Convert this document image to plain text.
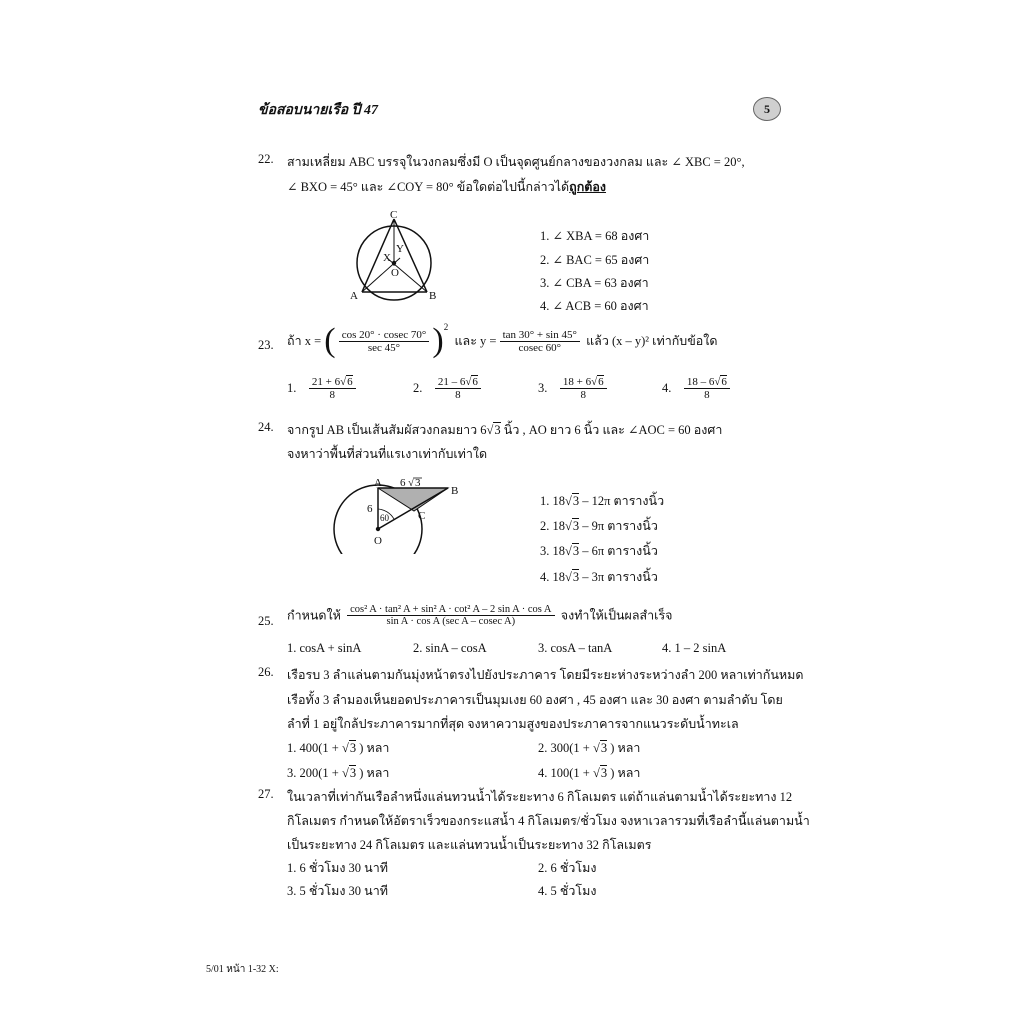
ข้อสอบนายเรือ ปี 47	5
22. สามเหลี่ยม ABC บรรจุในวงกลมซึ่งมี O เป็นจุดศูนย์กลางของวงกลม และ ∠ XBC = 20°,
∠ BXO = 45° และ ∠COY = 80° ข้อใดต่อไปนี้กล่าวได้ถูกต้อง
C
X
Y
O
A	B
1. ∠ XBA = 68 องศา
2. ∠ BAC = 65 องศา
3. ∠ CBA = 63 องศา
4. ∠ ACB = 60 องศา
23. ถ้า x = ( $\frac{\cos 20^\circ \cdot cosec 70^\circ}{\sec 45^\circ} )^2$  และ $y = \frac{\tan 30^\circ + \sin 45^\circ}{cosec 60^\circ}$ แล้ว (x – y)² เท่ากับข้อใด
1. $\frac{21 + 6√6}{8}$	2. $\frac{21 - 6√6}{8}$	3. $\frac{18 + 6√6}{8}$	4. $\frac{18 - 6√6}{8}$
24. จากรูป AB เป็นเส้นสัมผัสวงกลมยาว 6√3 นิ้ว , AO ยาว 6 นิ้ว และ ∠AOC = 60 องศา
จงหาว่าพื้นที่ส่วนที่แรเงาเท่ากับเท่าใด
A 6 √ 3
B
6
60	C
O
1. 18√3 – 12π ตารางนิ้ว
2. 18√3 – 9π ตารางนิ้ว
3. 18√3 – 6π ตารางนิ้ว
4. 18√3 – 3π ตารางนิ้ว
25. กำหนดให้ $\frac{\text{cos² A · tan² A + sin² A · cot² A – 2 sin A · cos A}}{\text{sin A · cos A (sec A – cosec A)}}$ จงทำให้เป็นผลสำเร็จ
1. cosA + sinA	2. sinA – cosA	3. cosA – tanA	4. 1 – 2 sinA
26. เรือรบ 3 ลำแล่นตามกันมุ่งหน้าตรงไปยังประภาคาร โดยมีระยะห่างระหว่างลำ 200 หลาเท่ากันหมด
เรือทั้ง 3 ลำมองเห็นยอดประภาคารเป็นมุมเงย 60 องศา , 45 องศา และ 30 องศา ตามลำดับ โดย
ลำที่ 1 อยู่ใกล้ประภาคารมากที่สุด จงหาความสูงของประภาคารจากแนวระดับน้ำทะเล
1. 400(1 + √3 ) หลา	2. 300(1 + √3 ) หลา
3. 200(1 + √3 ) หลา	4. 100(1 + √3 ) หลา
27. ในเวลาที่เท่ากันเรือลำหนึ่งแล่นทวนน้ำได้ระยะทาง 6 กิโลเมตร แต่ถ้าแล่นตามน้ำได้ระยะทาง 12
กิโลเมตร กำหนดให้อัตราเร็วของกระแสน้ำ 4 กิโลเมตร/ชั่วโมง จงหาเวลารวมที่เรือลำนี้แล่นตามน้ำ
เป็นระยะทาง 24 กิโลเมตร และแล่นทวนน้ำเป็นระยะทาง 32 กิโลเมตร
1. 6 ชั่วโมง 30 นาที	2. 6 ชั่วโมง
3. 5 ชั่วโมง 30 นาที	4. 5 ชั่วโมง
5/01 หน้า 1-32 X:
